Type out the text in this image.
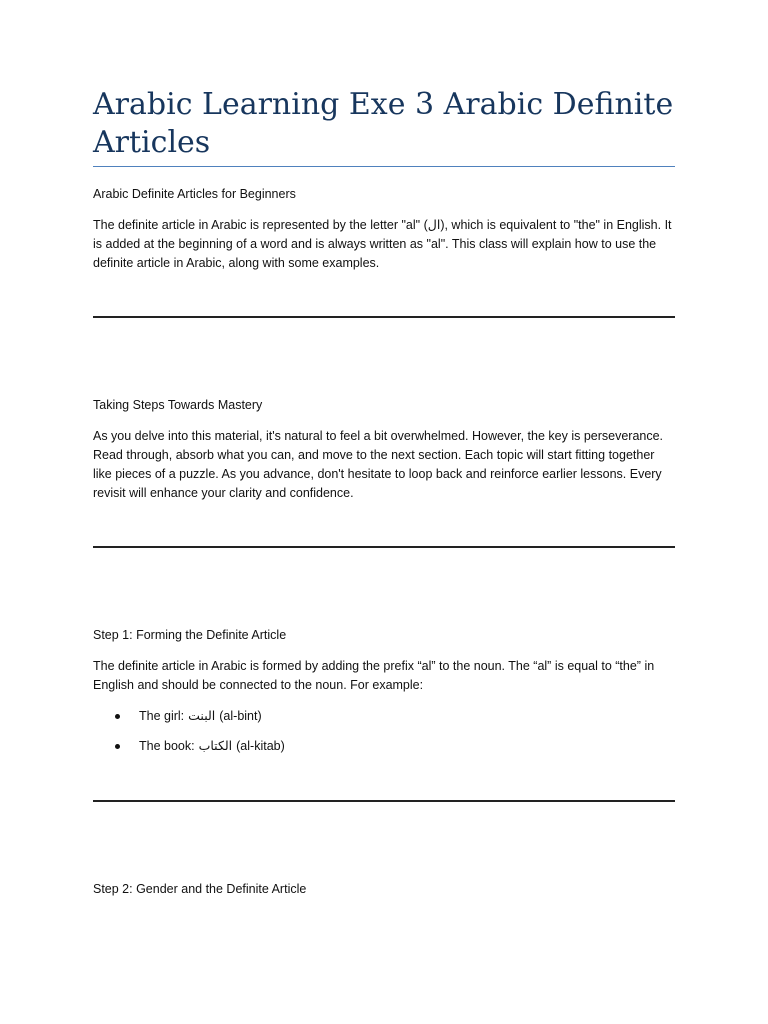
Arabic Learning Exe 3 Arabic Definite Articles
Arabic Definite Articles for Beginners

The definite article in Arabic is represented by the letter "al" (ال), which is equivalent to "the" in English. It is added at the beginning of a word and is always written as "al". This class will explain how to use the definite article in Arabic, along with some examples.

Taking Steps Towards Mastery

As you delve into this material, it's natural to feel a bit overwhelmed. However, the key is perseverance. Read through, absorb what you can, and move to the next section. Each topic will start fitting together like pieces of a puzzle. As you advance, don't hesitate to loop back and reinforce earlier lessons. Every revisit will enhance your clarity and confidence.

Step 1: Forming the Definite Article

The definite article in Arabic is formed by adding the prefix “al” to the noun. The “al” is equal to “the” in English and should be connected to the noun. For example:

The girl: البنت (al-bint)
The book: الكتاب (al-kitab)
Step 2: Gender and the Definite Article
